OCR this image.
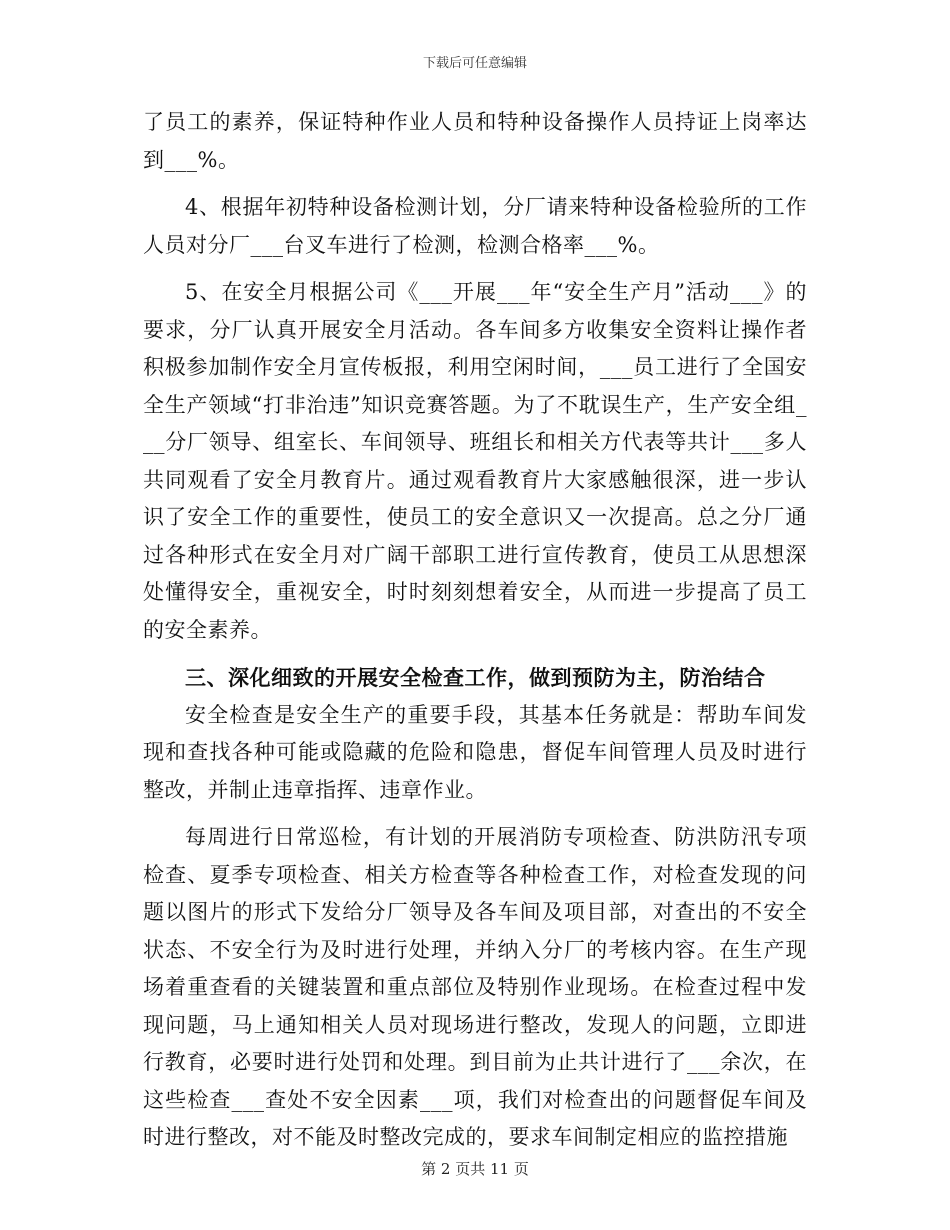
下载后可任意编辑

了员工的素养，保证特种作业人员和特种设备操作人员持证上岗率达到___%。

4、根据年初特种设备检测计划，分厂请来特种设备检验所的工作人员对分厂___台叉车进行了检测，检测合格率___%。

5、在安全月根据公司《___开展___年“安全生产月”活动___》的要求，分厂认真开展安全月活动。各车间多方收集安全资料让操作者积极参加制作安全月宣传板报，利用空闲时间，___员工进行了全国安全生产领域“打非治违”知识竞赛答题。为了不耽误生产，生产安全组___分厂领导、组室长、车间领导、班组长和相关方代表等共计___多人共同观看了安全月教育片。通过观看教育片大家感触很深，进一步认识了安全工作的重要性，使员工的安全意识又一次提高。总之分厂通过各种形式在安全月对广阔干部职工进行宣传教育，使员工从思想深处懂得安全，重视安全，时时刻刻想着安全，从而进一步提高了员工的安全素养。

三、深化细致的开展安全检查工作，做到预防为主，防治结合

安全检查是安全生产的重要手段，其基本任务就是：帮助车间发现和查找各种可能或隐藏的危险和隐患，督促车间管理人员及时进行整改，并制止违章指挥、违章作业。

每周进行日常巡检，有计划的开展消防专项检查、防洪防汛专项检查、夏季专项检查、相关方检查等各种检查工作，对检查发现的问题以图片的形式下发给分厂领导及各车间及项目部，对查出的不安全状态、不安全行为及时进行处理，并纳入分厂的考核内容。在生产现场着重查看的关键装置和重点部位及特别作业现场。在检查过程中发现问题，马上通知相关人员对现场进行整改，发现人的问题，立即进行教育，必要时进行处罚和处理。到目前为止共计进行了___余次，在这些检查___查处不安全因素___项，我们对检查出的问题督促车间及时进行整改，对不能及时整改完成的，要求车间制定相应的监控措施

第 2 页共 11 页
